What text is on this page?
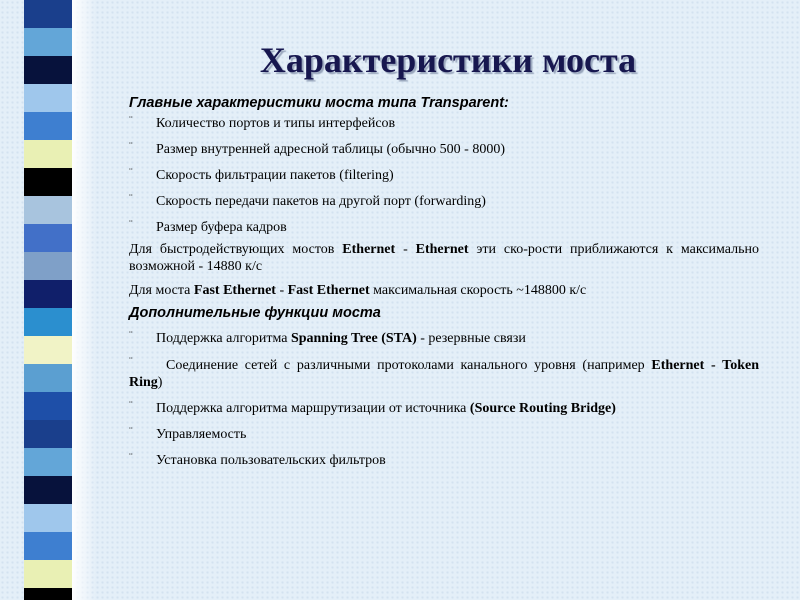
Характеристики моста
Главные характеристики моста типа Transparent:
¨ Количество портов и типы интерфейсов
¨ Размер внутренней адресной таблицы (обычно 500 - 8000)
¨ Скорость фильтрации пакетов (filtering)
¨ Скорость передачи пакетов на другой порт (forwarding)
¨ Размер буфера кадров
Для быстродействующих мостов Ethernet - Ethernet эти ско-рости приближаются к максимально возможной - 14880 к/с
Для моста Fast Ethernet - Fast Ethernet максимальная скорость ~148800 к/с
Дополнительные функции моста
¨ Поддержка алгоритма Spanning Tree (STA) - резервные связи
¨ Соединение сетей с различными протоколами канального уровня (например Ethernet - Token Ring)
¨ Поддержка алгоритма маршрутизации от источника (Source Routing Bridge)
¨ Управляемость
¨ Установка пользовательских фильтров
